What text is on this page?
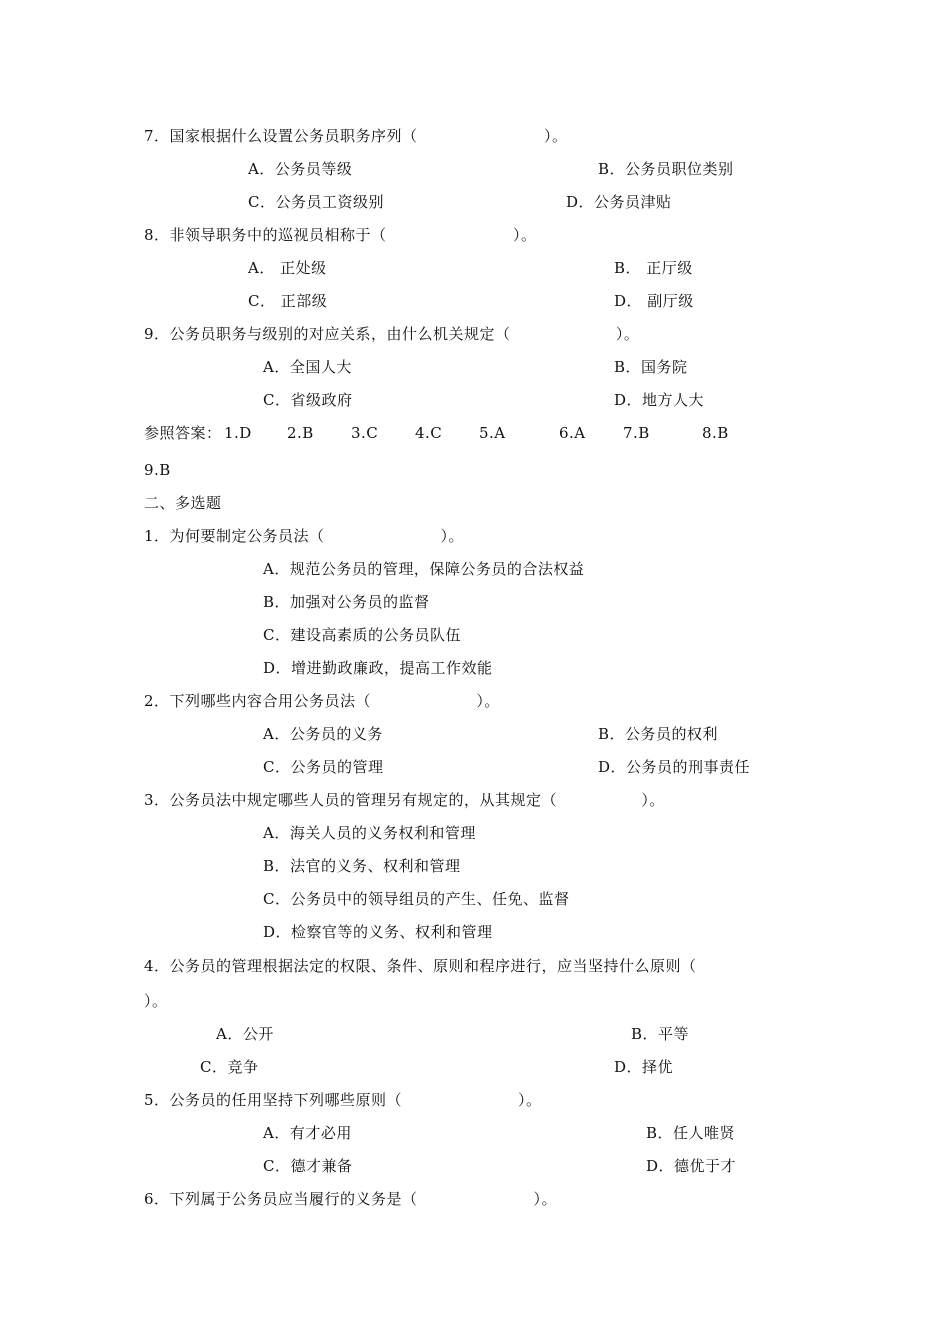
7．国家根据什么设置公务员职务序列（                        ）。
A．公务员等级	B．公务员职位类别
C．公务员工资级别	D．公务员津贴
8．非领导职务中的巡视员相称于（                        ）。
A． 正处级	B． 正厅级
C． 正部级	D． 副厅级
9．公务员职务与级别的对应关系，由什么机关规定（                    ）。
A．全国人大	B．国务院
C．省级政府	D．地方人大
参照答案： 1.D 2.B 3.C 4.C 5.A	6.A 7.B	8.B
9.B
二、多选题
1．为何要制定公务员法（                      ）。
A．规范公务员的管理，保障公务员的合法权益
B．加强对公务员的监督
C．建设高素质的公务员队伍
D．增进勤政廉政，提高工作效能
2．下列哪些内容合用公务员法（                    ）。
A．公务员的义务	B．公务员的权利
C．公务员的管理	D．公务员的刑事责任
3．公务员法中规定哪些人员的管理另有规定的，从其规定（                ）。
A．海关人员的义务权利和管理
B．法官的义务、权利和管理
C．公务员中的领导组员的产生、任免、监督
D．检察官等的义务、权利和管理
4．公务员的管理根据法定的权限、条件、原则和程序进行，应当坚持什么原则（
）。
A．公开	B．平等
C．竞争	D．择优
5．公务员的任用坚持下列哪些原则（                      ）。
A．有才必用	B．任人唯贤
C．德才兼备	D．德优于才
6．下列属于公务员应当履行的义务是（                      ）。
